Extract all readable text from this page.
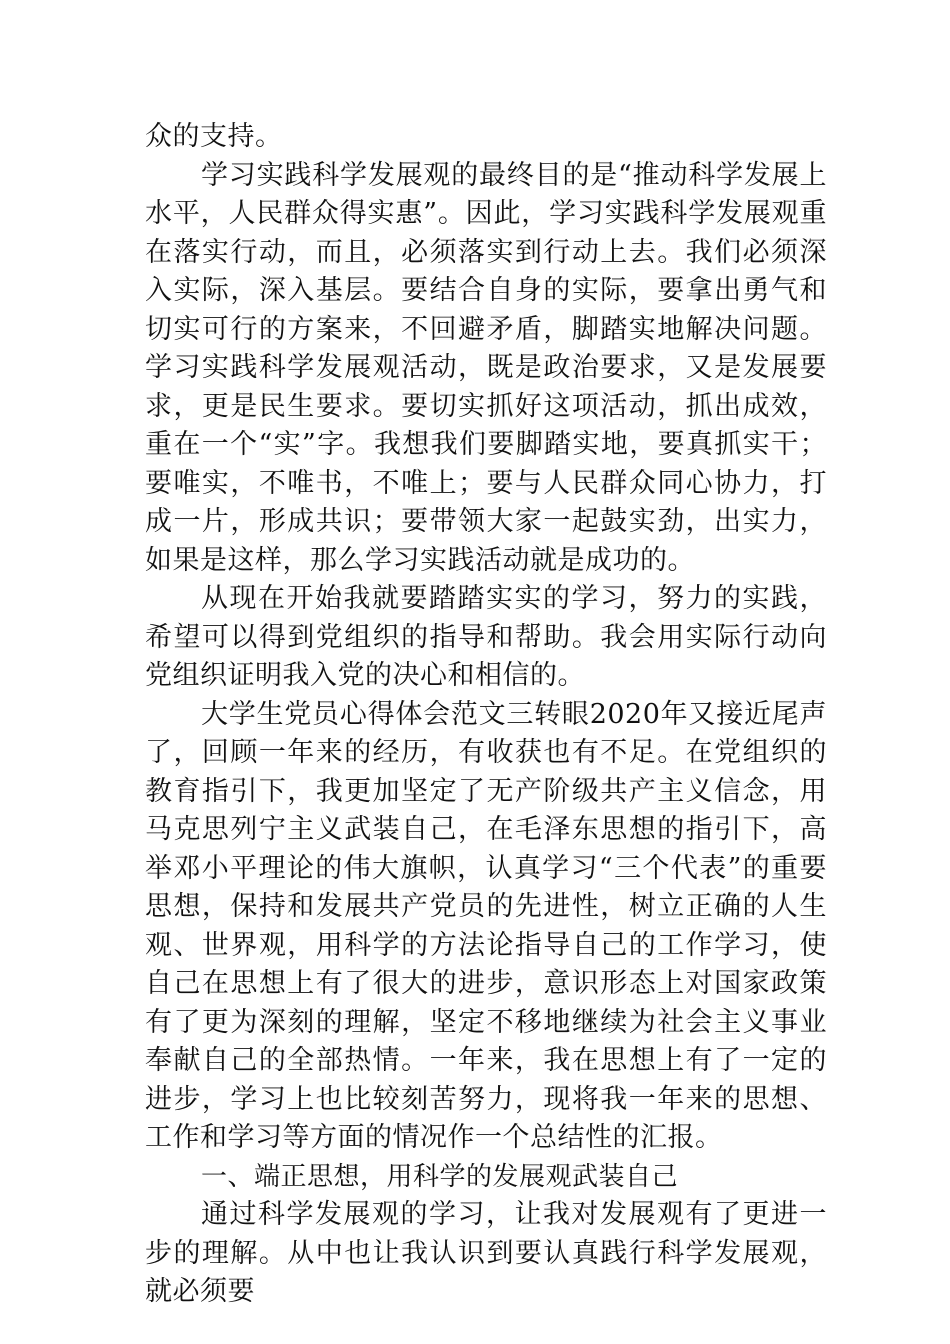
众的支持。

学习实践科学发展观的最终目的是“推动科学发展上水平，人民群众得实惠”。因此，学习实践科学发展观重在落实行动，而且，必须落实到行动上去。我们必须深入实际，深入基层。要结合自身的实际，要拿出勇气和切实可行的方案来，不回避矛盾，脚踏实地解决问题。学习实践科学发展观活动，既是政治要求，又是发展要求，更是民生要求。要切实抓好这项活动，抓出成效，重在一个“实”字。我想我们要脚踏实地，要真抓实干；要唯实，不唯书，不唯上；要与人民群众同心协力，打成一片，形成共识；要带领大家一起鼓实劲，出实力，如果是这样，那么学习实践活动就是成功的。

从现在开始我就要踏踏实实的学习，努力的实践，希望可以得到党组织的指导和帮助。我会用实际行动向党组织证明我入党的决心和相信的。

大学生党员心得体会范文三转眼2020年又接近尾声了，回顾一年来的经历，有收获也有不足。在党组织的教育指引下，我更加坚定了无产阶级共产主义信念，用马克思列宁主义武装自己，在毛泽东思想的指引下，高举邓小平理论的伟大旗帜，认真学习“三个代表”的重要思想，保持和发展共产党员的先进性，树立正确的人生观、世界观，用科学的方法论指导自己的工作学习，使自己在思想上有了很大的进步，意识形态上对国家政策有了更为深刻的理解，坚定不移地继续为社会主义事业奉献自己的全部热情。一年来，我在思想上有了一定的进步，学习上也比较刻苦努力，现将我一年来的思想、工作和学习等方面的情况作一个总结性的汇报。

一、端正思想，用科学的发展观武装自己

通过科学发展观的学习，让我对发展观有了更进一步的理解。从中也让我认识到要认真践行科学发展观，就必须要
